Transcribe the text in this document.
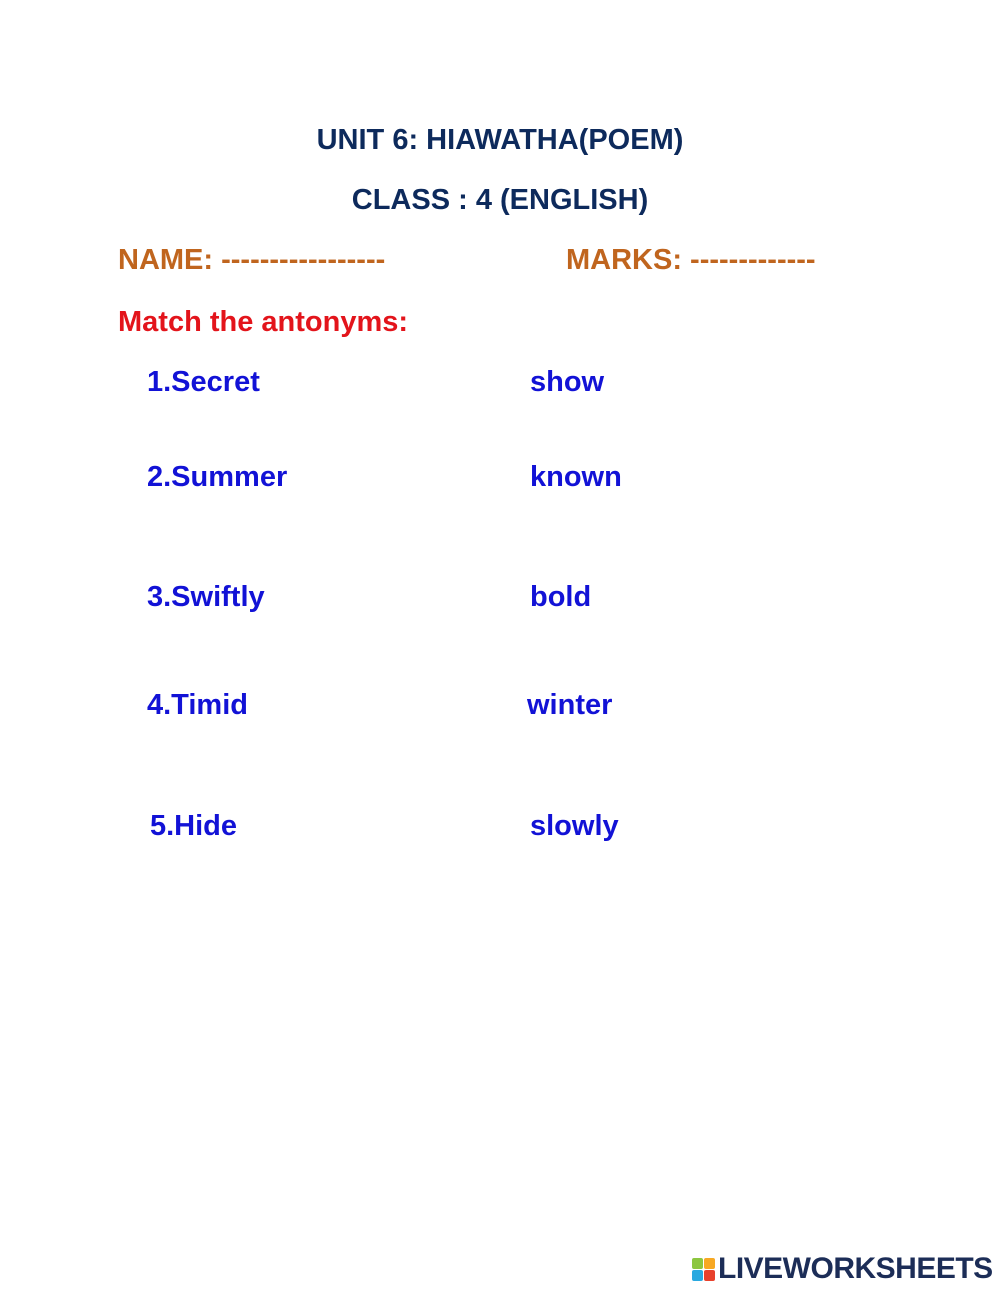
UNIT 6: HIAWATHA(POEM)
CLASS : 4 (ENGLISH)
NAME: -----------------	MARKS: -------------
Match the antonyms:
1.Secret
2.Summer
3.Swiftly
4.Timid
5.Hide
show
known
bold
winter
slowly
LIVEWORKSHEETS
